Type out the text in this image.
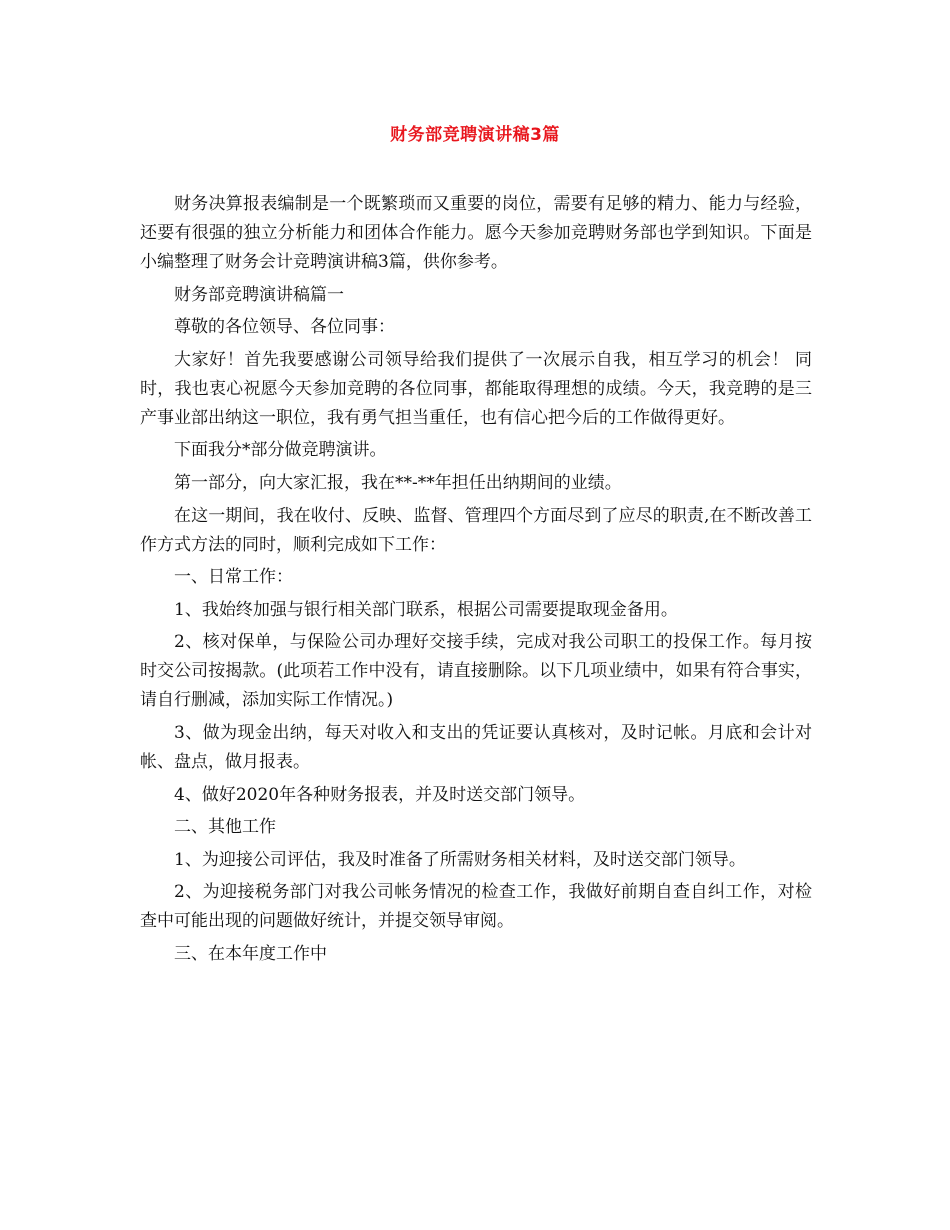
财务部竞聘演讲稿3篇

财务决算报表编制是一个既繁琐而又重要的岗位，需要有足够的精力、能力与经验，还要有很强的独立分析能力和团体合作能力。愿今天参加竞聘财务部也学到知识。下面是小编整理了财务会计竞聘演讲稿3篇，供你参考。

财务部竞聘演讲稿篇一

尊敬的各位领导、各位同事：

大家好！首先我要感谢公司领导给我们提供了一次展示自我，相互学习的机会！ 同时，我也衷心祝愿今天参加竞聘的各位同事，都能取得理想的成绩。今天，我竞聘的是三产事业部出纳这一职位，我有勇气担当重任，也有信心把今后的工作做得更好。

下面我分*部分做竞聘演讲。

第一部分，向大家汇报，我在**-**年担任出纳期间的业绩。

在这一期间，我在收付、反映、监督、管理四个方面尽到了应尽的职责,在不断改善工作方式方法的同时，顺利完成如下工作：

一、日常工作：

1、我始终加强与银行相关部门联系，根据公司需要提取现金备用。

2、核对保单，与保险公司办理好交接手续，完成对我公司职工的投保工作。每月按时交公司按揭款。(此项若工作中没有，请直接删除。以下几项业绩中，如果有符合事实，请自行删减，添加实际工作情况。)

3、做为现金出纳，每天对收入和支出的凭证要认真核对，及时记帐。月底和会计对帐、盘点，做月报表。

4、做好2020年各种财务报表，并及时送交部门领导。

二、其他工作

1、为迎接公司评估，我及时准备了所需财务相关材料，及时送交部门领导。

2、为迎接税务部门对我公司帐务情况的检查工作，我做好前期自查自纠工作，对检查中可能出现的问题做好统计，并提交领导审阅。

三、在本年度工作中
